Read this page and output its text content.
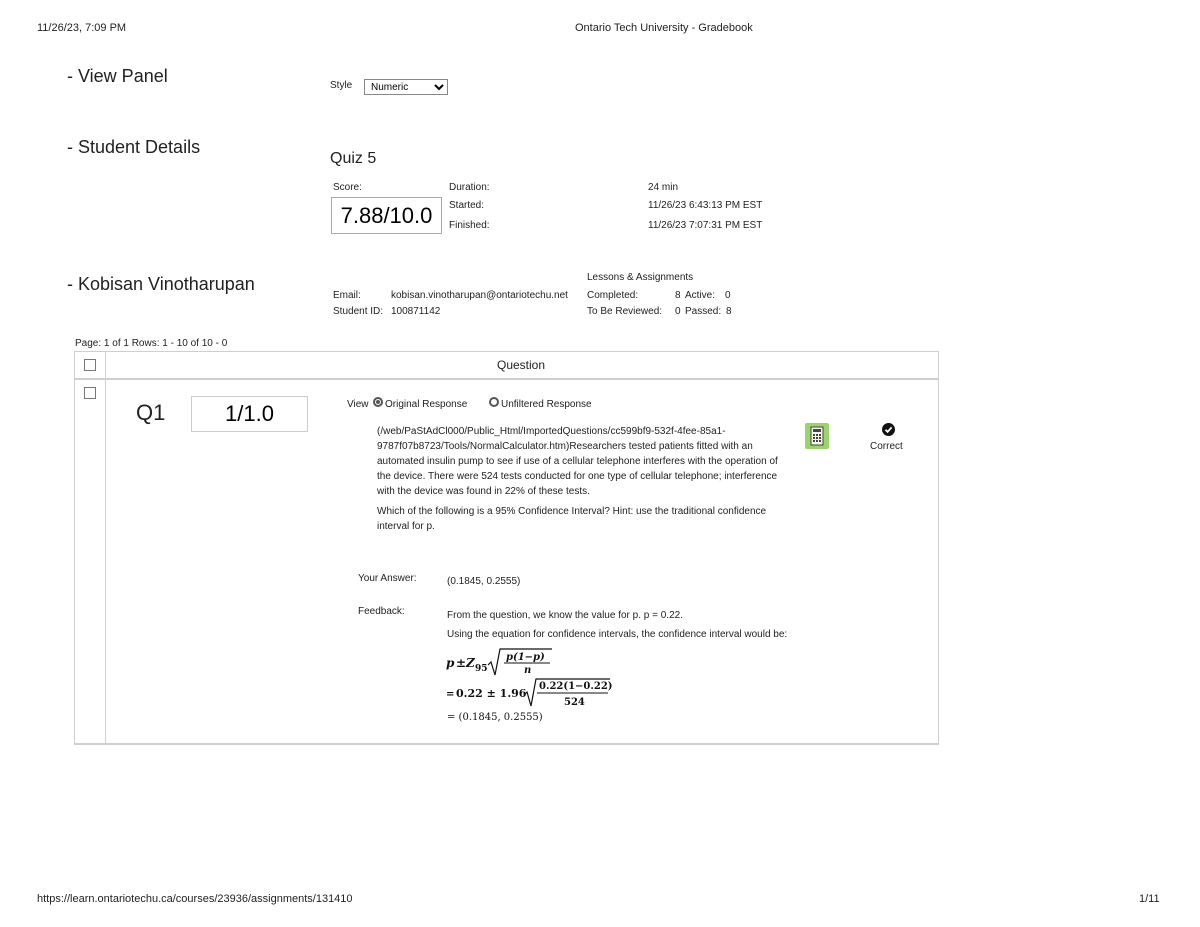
11/26/23, 7:09 PM	Ontario Tech University - Gradebook
- View Panel	Style
Numeric
- Student Details
Quiz 5
Score:
7.88/10.0
Duration:	24 min
Started:	11/26/23 6:43:13 PM EST
Finished:	11/26/23 7:07:31 PM EST
- Kobisan Vinotharupan	Lessons & Assignments
Email:	kobisan.vinotharupan@ontariotechu.net Completed:	8 Active: 0
Student ID: 100871142	To Be Reviewed: 0 Passed: 8
Page: 1 of 1 Rows: 1 - 10 of 10 - 0
Question
Q1	1/1.0	View Original Response	Unfiltered Response
Correct
(/web/PaStAdCl000/Public_Html/ImportedQuestions/cc599bf9-532f-4fee-85a1-
9787f07b8723/Tools/NormalCalculator.htm)Researchers tested patients fitted with an
automated insulin pump to see if use of a cellular telephone interferes with the operation of
the device. There were 524 tests conducted for one type of cellular telephone; interference
with the device was found in 22% of these tests.
Which of the following is a 95% Confidence Interval? Hint: use the traditional confidence
interval for p.
Your Answer:	(0.1845, 0.2555)
Feedback:	From the question, we know the value for p. p = 0.22.
Using the equation for confidence intervals, the confidence interval would be:
p ± Z 95
p(1−p)
n
= 0.22 ± 1.96
0.22(1−0.22)
524
= (0.1845, 0.2555)
https://learn.ontariotechu.ca/courses/23936/assignments/131410	1/11
